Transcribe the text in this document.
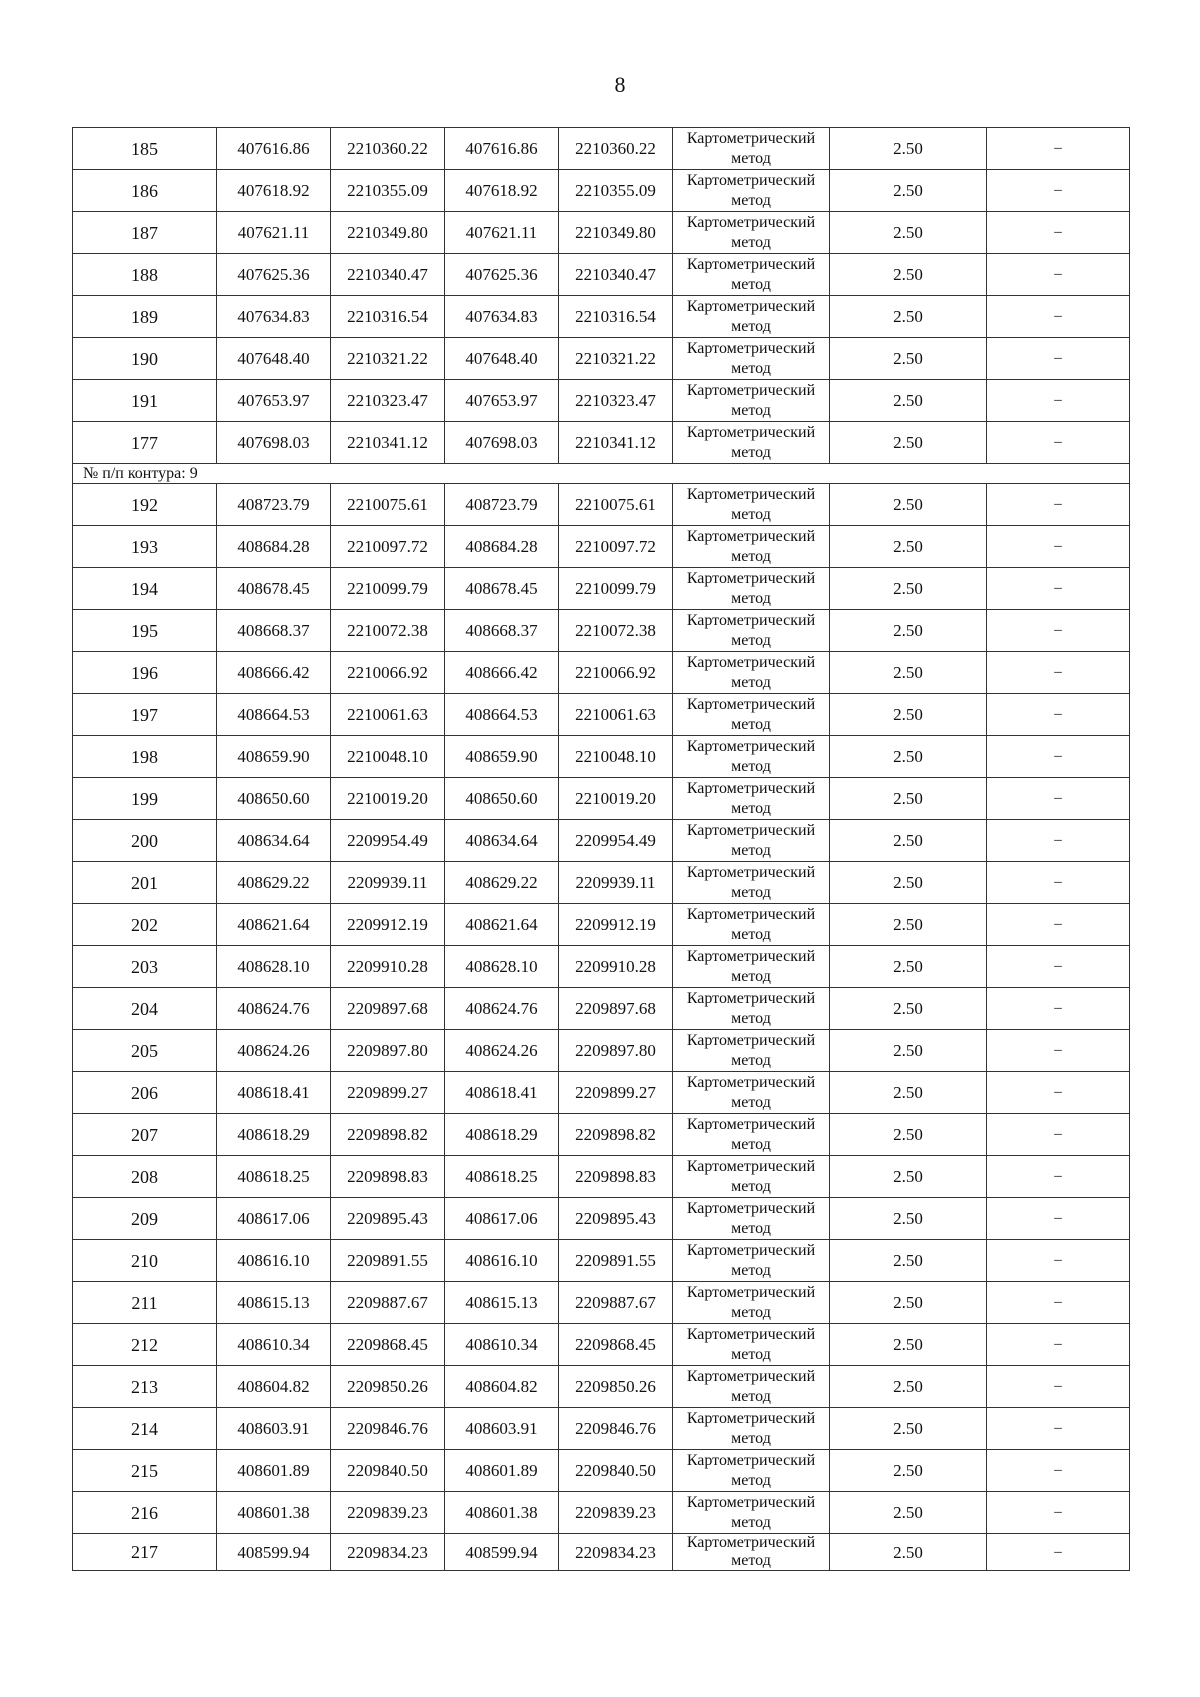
8
185	407616.86	2210360.22	407616.86	2210360.22	Картометрический метод	2.50	–
186	407618.92	2210355.09	407618.92	2210355.09	Картометрический метод	2.50	–
187	407621.11	2210349.80	407621.11	2210349.80	Картометрический метод	2.50	–
188	407625.36	2210340.47	407625.36	2210340.47	Картометрический метод	2.50	–
189	407634.83	2210316.54	407634.83	2210316.54	Картометрический метод	2.50	–
190	407648.40	2210321.22	407648.40	2210321.22	Картометрический метод	2.50	–
191	407653.97	2210323.47	407653.97	2210323.47	Картометрический метод	2.50	–
177	407698.03	2210341.12	407698.03	2210341.12	Картометрический метод	2.50	–
№ п/п контура: 9							
192	408723.79	2210075.61	408723.79	2210075.61	Картометрический метод	2.50	–
193	408684.28	2210097.72	408684.28	2210097.72	Картометрический метод	2.50	–
194	408678.45	2210099.79	408678.45	2210099.79	Картометрический метод	2.50	–
195	408668.37	2210072.38	408668.37	2210072.38	Картометрический метод	2.50	–
196	408666.42	2210066.92	408666.42	2210066.92	Картометрический метод	2.50	–
197	408664.53	2210061.63	408664.53	2210061.63	Картометрический метод	2.50	–
198	408659.90	2210048.10	408659.90	2210048.10	Картометрический метод	2.50	–
199	408650.60	2210019.20	408650.60	2210019.20	Картометрический метод	2.50	–
200	408634.64	2209954.49	408634.64	2209954.49	Картометрический метод	2.50	–
201	408629.22	2209939.11	408629.22	2209939.11	Картометрический метод	2.50	–
202	408621.64	2209912.19	408621.64	2209912.19	Картометрический метод	2.50	–
203	408628.10	2209910.28	408628.10	2209910.28	Картометрический метод	2.50	–
204	408624.76	2209897.68	408624.76	2209897.68	Картометрический метод	2.50	–
205	408624.26	2209897.80	408624.26	2209897.80	Картометрический метод	2.50	–
206	408618.41	2209899.27	408618.41	2209899.27	Картометрический метод	2.50	–
207	408618.29	2209898.82	408618.29	2209898.82	Картометрический метод	2.50	–
208	408618.25	2209898.83	408618.25	2209898.83	Картометрический метод	2.50	–
209	408617.06	2209895.43	408617.06	2209895.43	Картометрический метод	2.50	–
210	408616.10	2209891.55	408616.10	2209891.55	Картометрический метод	2.50	–
211	408615.13	2209887.67	408615.13	2209887.67	Картометрический метод	2.50	–
212	408610.34	2209868.45	408610.34	2209868.45	Картометрический метод	2.50	–
213	408604.82	2209850.26	408604.82	2209850.26	Картометрический метод	2.50	–
214	408603.91	2209846.76	408603.91	2209846.76	Картометрический метод	2.50	–
215	408601.89	2209840.50	408601.89	2209840.50	Картометрический метод	2.50	–
216	408601.38	2209839.23	408601.38	2209839.23	Картометрический метод	2.50	–
217	408599.94	2209834.23	408599.94	2209834.23	Картометрический метод	2.50	–
